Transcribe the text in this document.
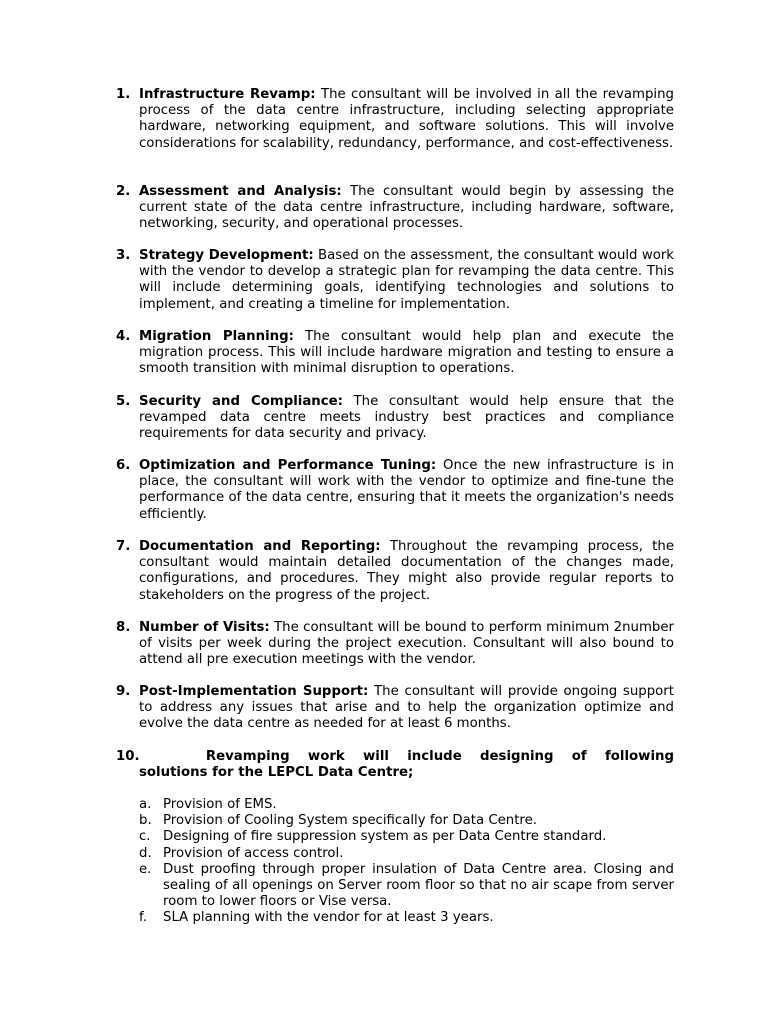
1. Infrastructure Revamp: The consultant will be involved in all the revamping process of the data centre infrastructure, including selecting appropriate hardware, networking equipment, and software solutions. This will involve considerations for scalability, redundancy, performance, and cost-effectiveness.
2. Assessment and Analysis: The consultant would begin by assessing the current state of the data centre infrastructure, including hardware, software, networking, security, and operational processes.
3. Strategy Development: Based on the assessment, the consultant would work with the vendor to develop a strategic plan for revamping the data centre. This will include determining goals, identifying technologies and solutions to implement, and creating a timeline for implementation.
4. Migration Planning: The consultant would help plan and execute the migration process. This will include hardware migration and testing to ensure a smooth transition with minimal disruption to operations.
5. Security and Compliance: The consultant would help ensure that the revamped data centre meets industry best practices and compliance requirements for data security and privacy.
6. Optimization and Performance Tuning: Once the new infrastructure is in place, the consultant will work with the vendor to optimize and fine-tune the performance of the data centre, ensuring that it meets the organization's needs efficiently.
7. Documentation and Reporting: Throughout the revamping process, the consultant would maintain detailed documentation of the changes made, configurations, and procedures. They might also provide regular reports to stakeholders on the progress of the project.
8. Number of Visits: The consultant will be bound to perform minimum 2number of visits per week during the project execution. Consultant will also bound to attend all pre execution meetings with the vendor.
9. Post-Implementation Support: The consultant will provide ongoing support to address any issues that arise and to help the organization optimize and evolve the data centre as needed for at least 6 months.
10.	Revamping work will include designing of following
solutions for the LEPCL Data Centre;
a. Provision of EMS.
b. Provision of Cooling System specifically for Data Centre.
c. Designing of fire suppression system as per Data Centre standard.
d. Provision of access control.
e. Dust proofing through proper insulation of Data Centre area. Closing and sealing of all openings on Server room floor so that no air scape from server room to lower floors or Vise versa.
f. SLA planning with the vendor for at least 3 years.
